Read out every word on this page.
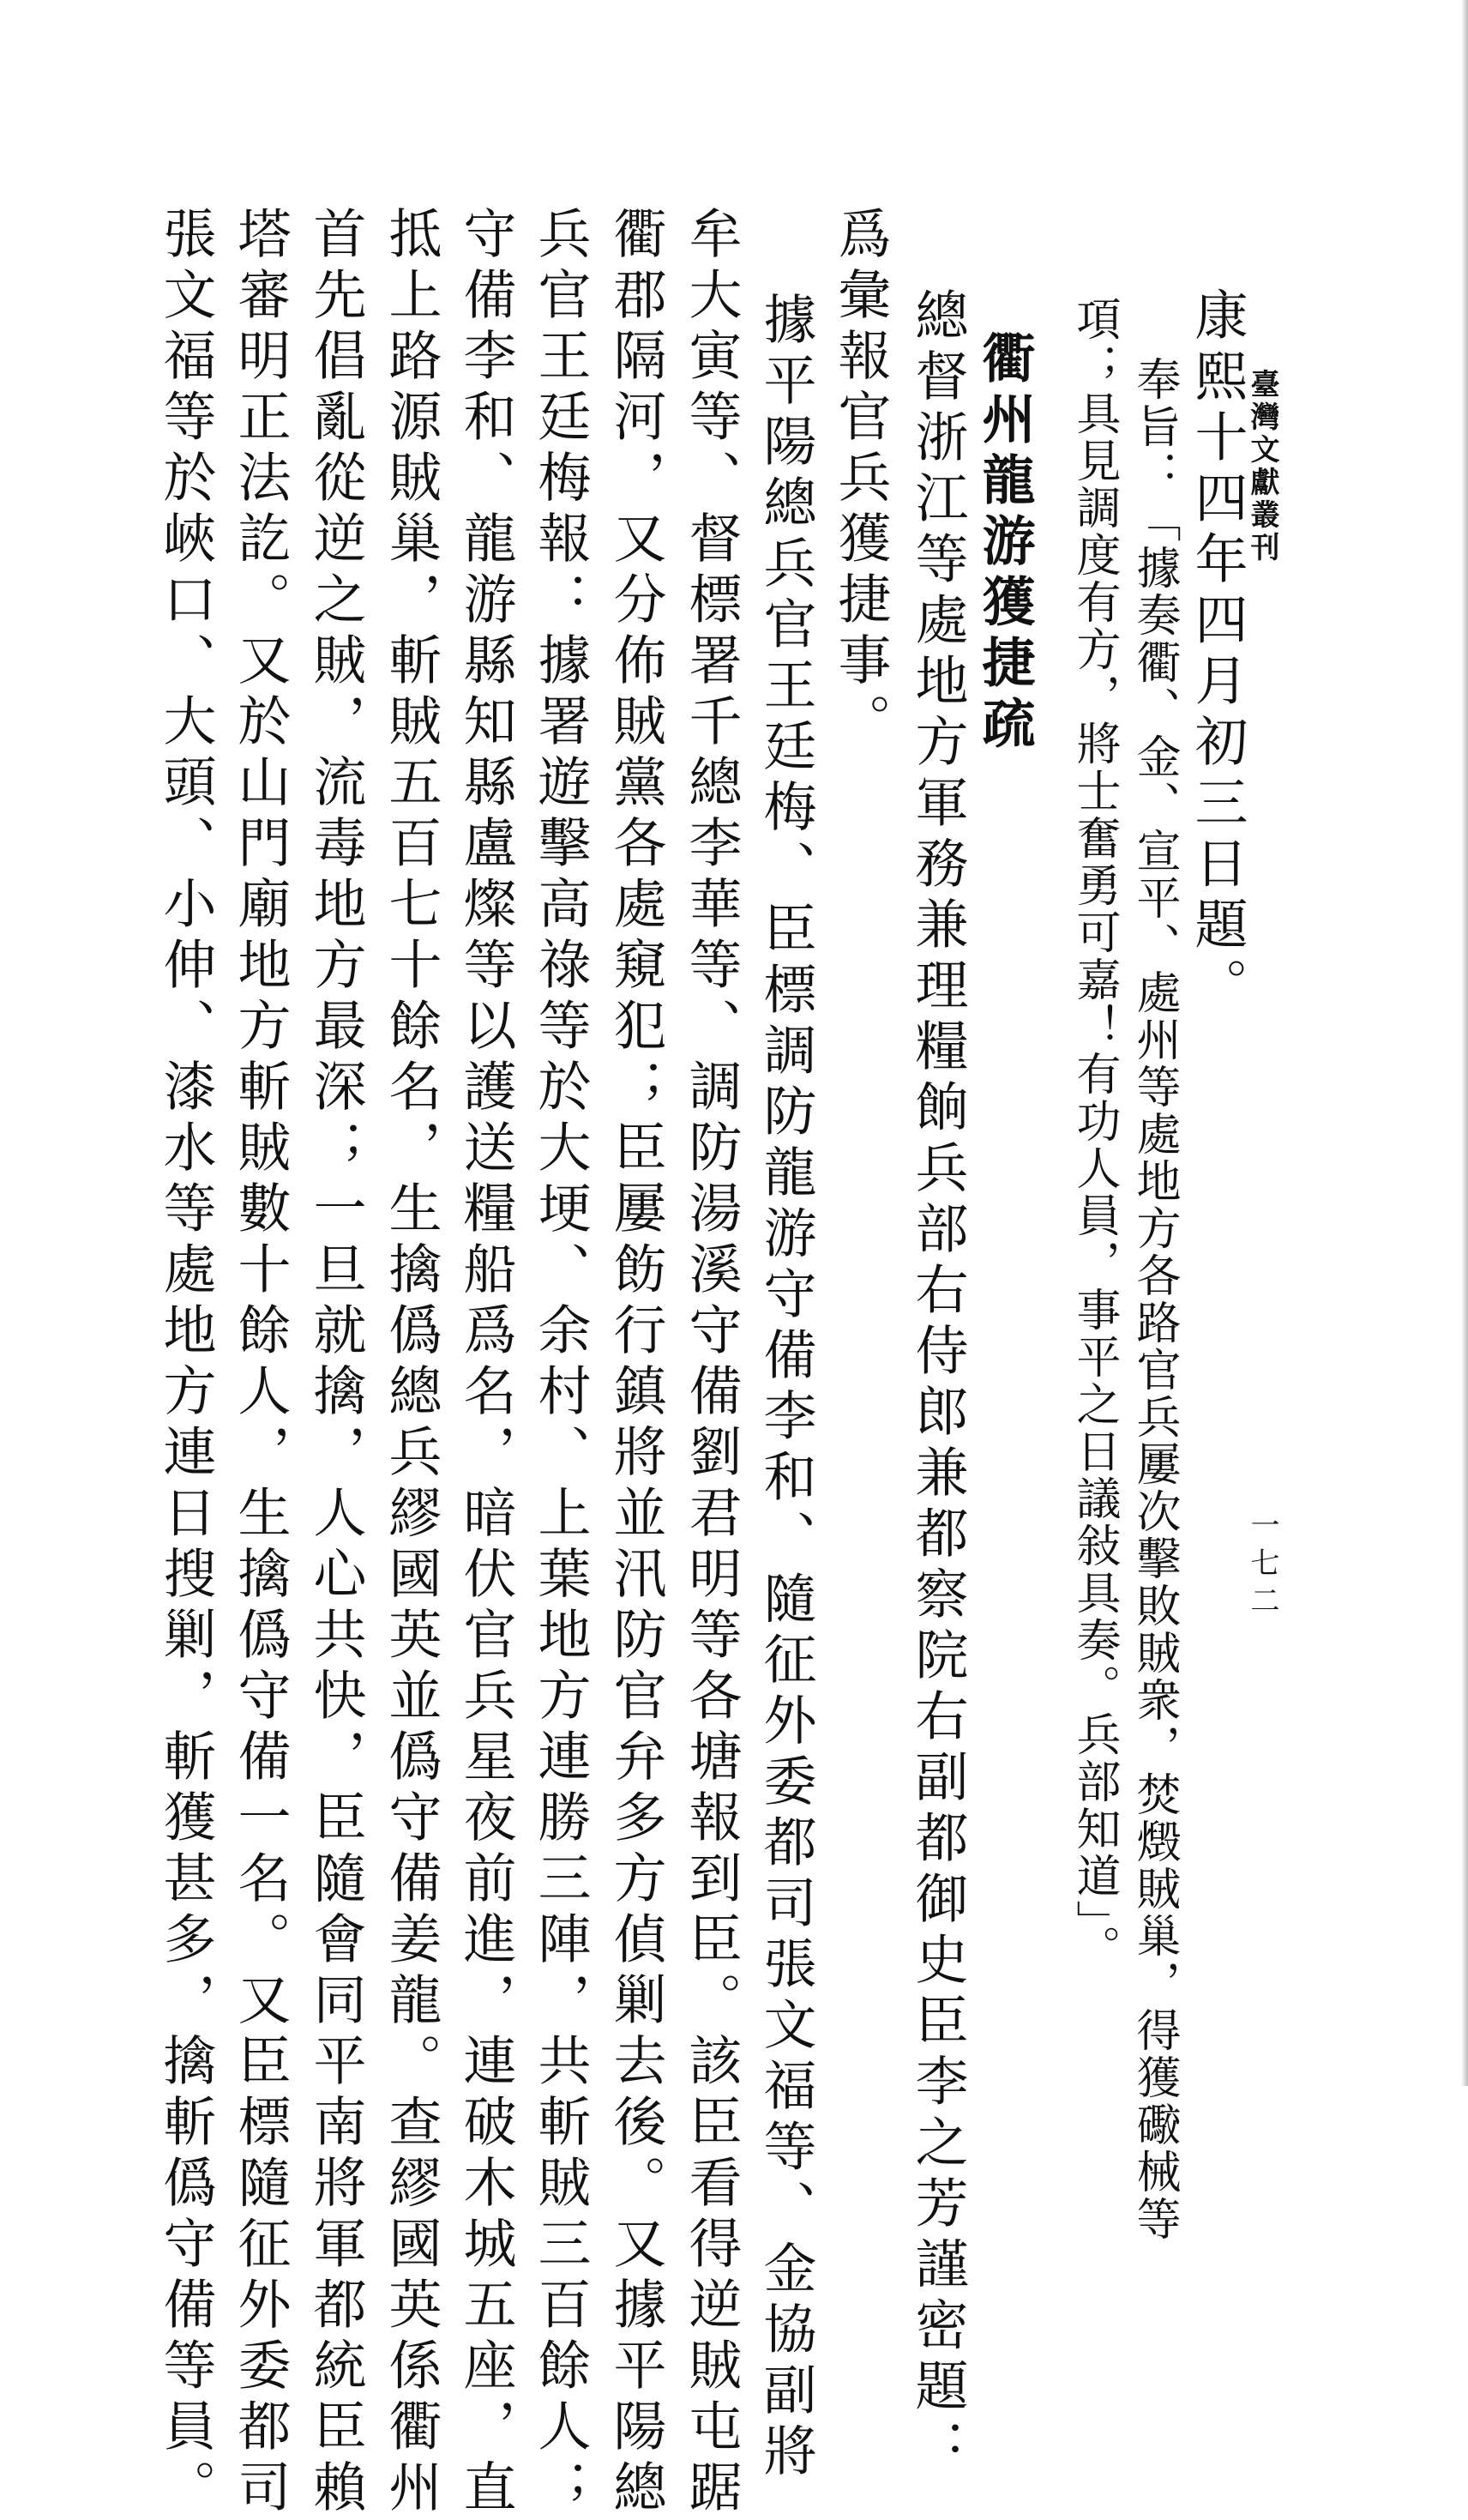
臺灣文獻叢刊
一七二
康熙十四年四月初三日題。
奉旨：「據奏衢、金、宣平、處州等處地方各路官兵屢次擊敗賊衆，焚燬賊巢，得獲礮械等
項；具見調度有方，將士奮勇可嘉！有功人員，事平之日議敍具奏。兵部知道」。
衢州龍游獲捷疏
總督浙江等處地方軍務兼理糧餉兵部右侍郎兼都察院右副都御史臣李之芳謹密題：
爲彙報官兵獲捷事。
據平陽總兵官王廷梅、臣標調防龍游守備李和、隨征外委都司張文福等、金協副將
牟大寅等、督標署千總李華等、調防湯溪守備劉君明等各塘報到臣。該臣看得逆賊屯踞
衢郡隔河，又分佈賊黨各處窺犯；臣屢飭行鎮將並汛防官弁多方偵剿去後。又據平陽總
兵官王廷梅報：據署遊擊高祿等於大埂、余村、上葉地方連勝三陣，共斬賊三百餘人；
守備李和、龍游縣知縣盧燦等以護送糧船爲名，暗伏官兵星夜前進，連破木城五座，直
抵上路源賊巢，斬賊五百七十餘名，生擒僞總兵繆國英並僞守備姜龍。查繆國英係衢州
首先倡亂從逆之賊，流毒地方最深；一旦就擒，人心共快，臣隨會同平南將軍都統臣賴
塔審明正法訖。又於山門廟地方斬賊數十餘人，生擒僞守備一名。又臣標隨征外委都司
張文福等於峽口、大頭、小伸、漆水等處地方連日搜剿，斬獲甚多，擒斬僞守備等員。
